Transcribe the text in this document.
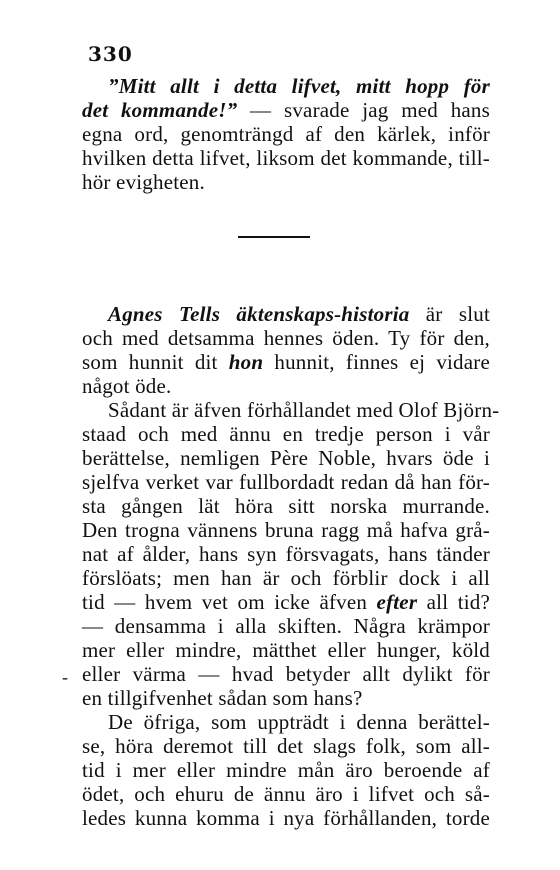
330
”Mitt allt i detta lifvet, mitt hopp för
det kommande!” — svarade jag med hans
egna ord, genomträngd af den kärlek, inför
hvilken detta lifvet, liksom det kommande, till-
hör evigheten.
Agnes Tells äktenskaps-historia är slut
och med detsamma hennes öden. Ty för den,
som hunnit dit hon hunnit, finnes ej vidare
något öde.
Sådant är äfven förhållandet med Olof Björn-
staad och med ännu en tredje person i vår
berättelse, nemligen Père Noble, hvars öde i
sjelfva verket var fullbordadt redan då han för-
sta gången lät höra sitt norska murrande.
Den trogna vännens bruna ragg må hafva grå-
nat af ålder, hans syn försvagats, hans tänder
förslöats; men han är och förblir dock i all
tid — hvem vet om icke äfven efter all tid?
— densamma i alla skiften. Några krämpor
mer eller mindre, mätthet eller hunger, köld
eller värma — hvad betyder allt dylikt för
en tillgifvenhet sådan som hans?
-
De öfriga, som uppträdt i denna berättel-
se, höra deremot till det slags folk, som all-
tid i mer eller mindre mån äro beroende af
ödet, och ehuru de ännu äro i lifvet och så-
ledes kunna komma i nya förhållanden, torde
